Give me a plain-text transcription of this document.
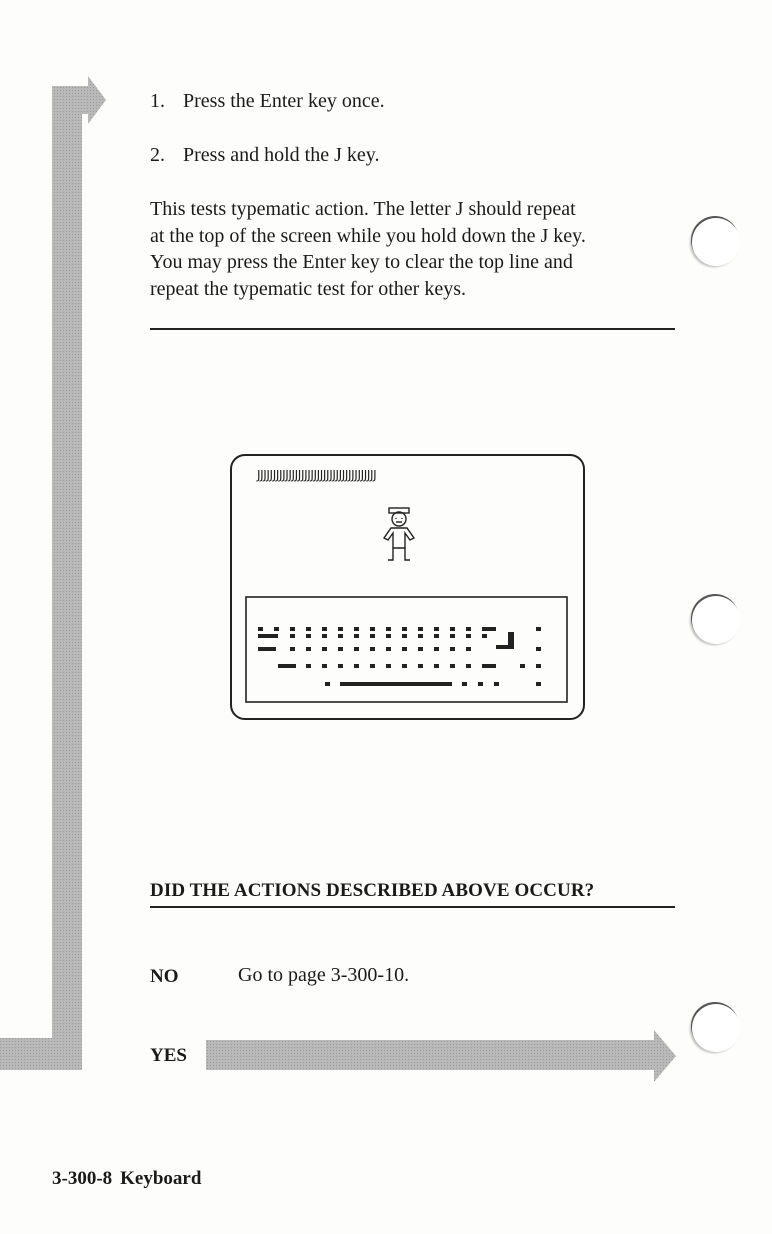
1. Press the Enter key once.
2. Press and hold the J key.
This tests typematic action. The letter J should repeat
at the top of the screen while you hold down the J key.
You may press the Enter key to clear the top line and
repeat the typematic test for other keys.
JJJJJJJJJJJJJJJJJJJJJJJJJJJJJJJJJJJJJJ
DID THE ACTIONS DESCRIBED ABOVE OCCUR?
NO	Go to page 3-300-10.
YES
3-300-8 Keyboard
